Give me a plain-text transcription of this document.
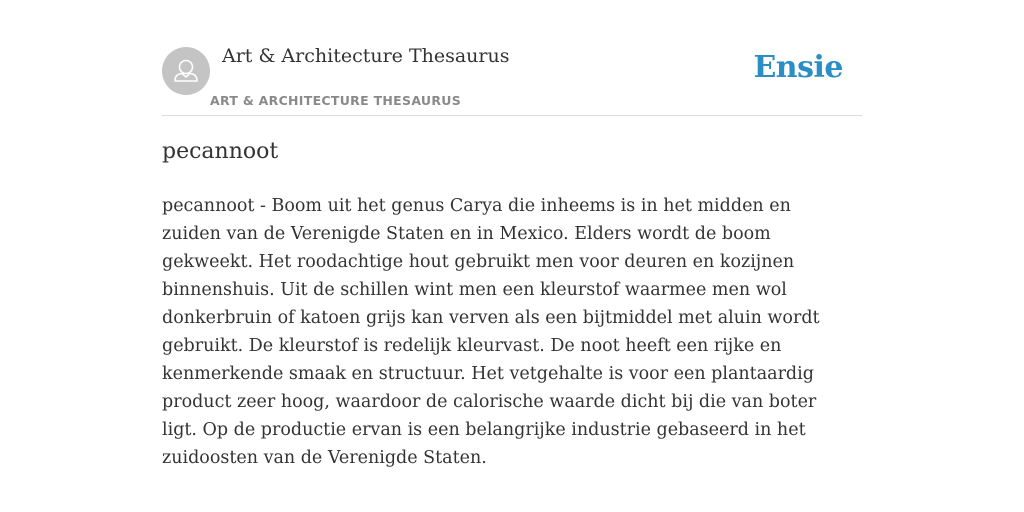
Art & Architecture Thesaurus
ART & ARCHITECTURE THESAURUS
Ensie
pecannoot

pecannoot - Boom uit het genus Carya die inheems is in het midden en zuiden van de Verenigde Staten en in Mexico. Elders wordt de boom gekweekt. Het roodachtige hout gebruikt men voor deuren en kozijnen binnenshuis. Uit de schillen wint men een kleurstof waarmee men wol donkerbruin of katoen grijs kan verven als een bijtmiddel met aluin wordt gebruikt. De kleurstof is redelijk kleurvast. De noot heeft een rijke en kenmerkende smaak en structuur. Het vetgehalte is voor een plantaardig product zeer hoog, waardoor de calorische waarde dicht bij die van boter ligt. Op de productie ervan is een belangrijke industrie gebaseerd in het zuidoosten van de Verenigde Staten.
